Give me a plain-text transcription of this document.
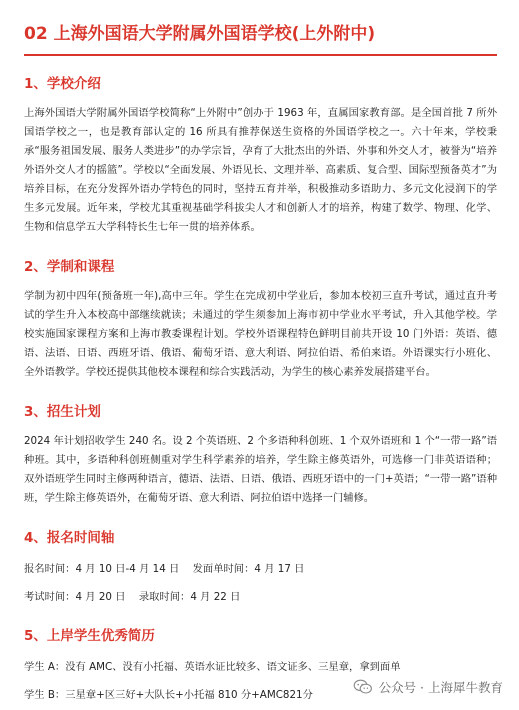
02 上海外国语大学附属外国语学校(上外附中)
1、学校介绍

上海外国语大学附属外国语学校简称“上外附中”创办于 1963 年，直属国家教育部。是全国首批 7 所外国语学校之一，也是教育部认定的 16 所具有推荐保送生资格的外国语学校之一。六十年来，学校秉承“服务祖国发展、服务人类进步”的办学宗旨，孕育了大批杰出的外语、外事和外交人才，被誉为“培养外语外交人才的摇篮”。学校以“全面发展、外语见长、文理并举、高素质、复合型、国际型预备英才”为培养目标，在充分发挥外语办学特色的同时，坚持五育并举，积极推动多语助力、多元文化浸润下的学生多元发展。近年来，学校尤其重视基础学科拔尖人才和创新人才的培养，构建了数学、物理、化学、生物和信息学五大学科特长生七年一贯的培养体系。

2、学制和课程

学制为初中四年(预备班一年),高中三年。学生在完成初中学业后，参加本校初三直升考试，通过直升考试的学生升入本校高中部继续就读；未通过的学生须参加上海市初中学业水平考试，升入其他学校。学校实施国家课程方案和上海市教委课程计划。学校外语课程特色鲜明目前共开设 10 门外语：英语、德语、法语、日语、西班牙语、俄语、葡萄牙语、意大利语、阿拉伯语、希伯来语。外语课实行小班化、全外语教学。学校还提供其他校本课程和综合实践活动，为学生的核心素养发展搭建平台。

3、招生计划

2024 年计划招收学生 240 名。设 2 个英语班、2 个多语种科创班、1 个双外语班和 1 个“一带一路”语种班。其中，多语种科创班侧重对学生科学素养的培养，学生除主修英语外，可选修一门非英语语种；双外语班学生同时主修两种语言，德语、法语、日语、俄语、西班牙语中的一门+英语；“一带一路”语种班，学生除主修英语外，在葡萄牙语、意大利语、阿拉伯语中选择一门辅修。

4、报名时间轴
报名时间：4 月 10 日-4 月 14 日 发面单时间：4 月 17 日
考试时间：4 月 20 日 录取时间：4 月 22 日
5、上岸学生优秀简历
学生 A：没有 AMC、没有小托福、英语水证比较多、语文证多、三星章，拿到面单
学生 B：三星章+区三好+大队长+小托福 810 分+AMC821分	公众号 · 上海犀牛教育
